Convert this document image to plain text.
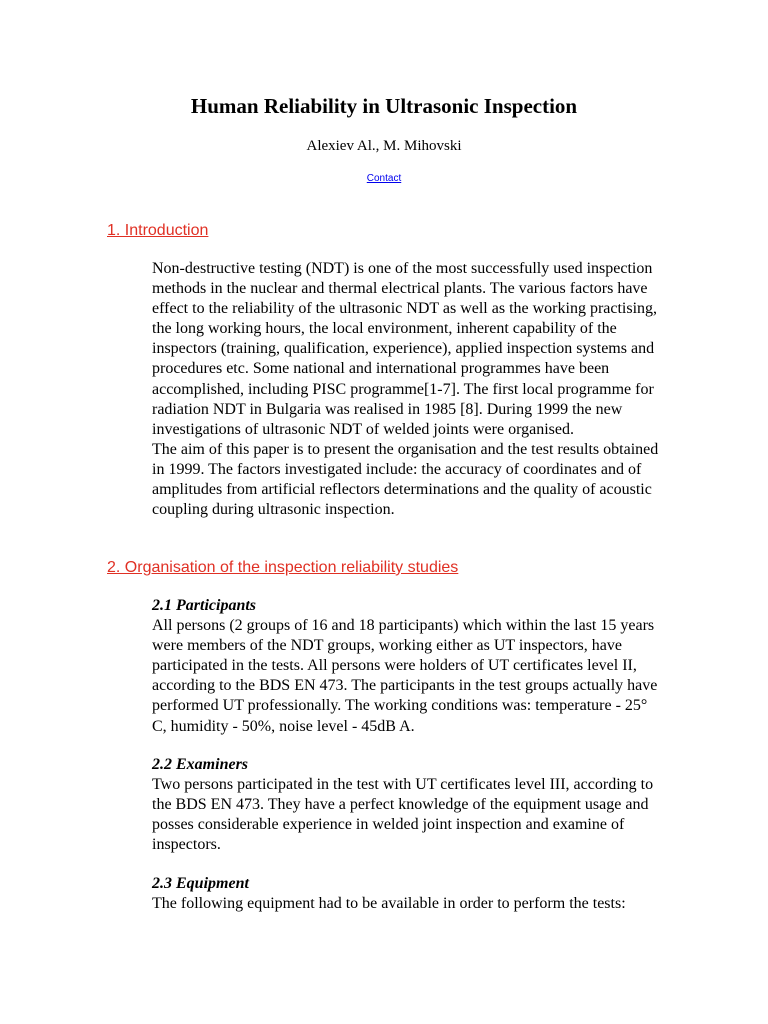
Human Reliability in Ultrasonic Inspection
Alexiev Al., M. Mihovski
Contact
1. Introduction

Non-destructive testing (NDT) is one of the most successfully used inspection methods in the nuclear and thermal electrical plants. The various factors have effect to the reliability of the ultrasonic NDT as well as the working practising, the long working hours, the local environment, inherent capability of the inspectors (training, qualification, experience), applied inspection systems and procedures etc. Some national and international programmes have been accomplished, including PISC programme[1-7]. The first local programme for radiation NDT in Bulgaria was realised in 1985 [8]. During 1999 the new investigations of ultrasonic NDT of welded joints were organised.

The aim of this paper is to present the organisation and the test results obtained in 1999. The factors investigated include: the accuracy of coordinates and of amplitudes from artificial reflectors determinations and the quality of acoustic coupling during ultrasonic inspection.

2. Organisation of the inspection reliability studies
2.1 Participants

All persons (2 groups of 16 and 18 participants) which within the last 15 years were members of the NDT groups, working either as UT inspectors, have participated in the tests. All persons were holders of UT certificates level II, according to the BDS EN 473. The participants in the test groups actually have performed UT professionally. The working conditions was: temperature - 25° C, humidity - 50%, noise level - 45dB A.

2.2 Examiners

Two persons participated in the test with UT certificates level III, according to the BDS EN 473. They have a perfect knowledge of the equipment usage and posses considerable experience in welded joint inspection and examine of inspectors.

2.3 Equipment

The following equipment had to be available in order to perform the tests:
